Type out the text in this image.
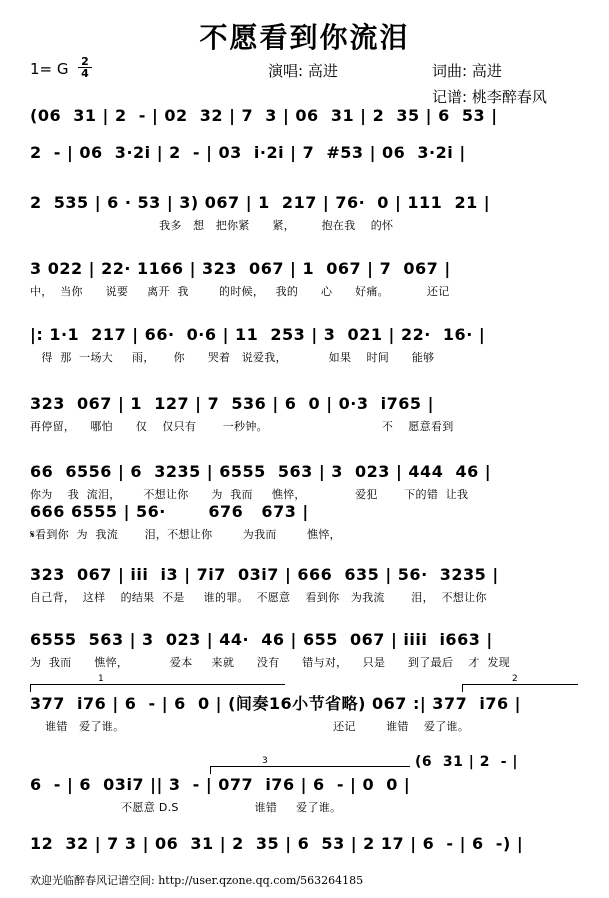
不愿看到你流泪
1= G $\frac{2}{4}$	演唱: 高进	词曲: 高进
记谱: 桃李醉春风
(06  31 | 2  - | 02  32 | 7  3 | 06  31 | 2  35 | 6  53 |
2  - | 06  3·2i | 2  - | 03  i·2i | 7  #53 | 06  3·2i |
2  535 | 6 · 53 | 3) 067 | 1  217 | 76·  0 | 111  21 |
我多   想   把你紧      紧，       抱在我    的怀
3 022 | 22· 1166 | 323  067 | 1  067 | 7  067 |
中，  当你      说要     离开  我        的时候，   我的      心      好痛。          还记
|: 1·1  217 | 66·  0·6 | 11  253 | 3  021 | 22·  16· |
得  那  一场大     雨，     你      哭着   说爱我，           如果    时间      能够
323  067 | 1  127 | 7  536 | 6  0 | 0·3  i765 |
再停留，    哪怕      仅    仅只有       一秒钟。                              不    愿意看到
66  6556 | 6  3235 | 6555  563 | 3  023 | 444  46 |
你为    我  流泪，      不想让你      为  我而     憔悴，             爱犯       下的错  让我
666 6555 | 56·       676   673 |
𝄋看到你  为  我流       泪，不想让你        为我而        憔悴，
323  067 | iii  i3 | 7i7  03i7 | 666  635 | 56·  3235 |
自己背，  这样    的结果  不是     谁的罪。  不愿意    看到你   为我流       泪，  不想让你
6555  563 | 3  023 | 44·  46 | 655  067 | iiii  i663 |
为  我而      憔悴，           爱本     来就      没有      错与对，    只是      到了最后    才  发现
377  i76 | 6  - | 6  0 | (间奏16小节省略) 067 :| 377  i76 |
谁错   爱了谁。                                                       还记        谁错    爱了谁。
6  - | 6  03i7 || 3  - | 077  i76 | 6  - | 0  0 |
不愿意 D.S                    谁错     爱了谁。
12  32 | 7 3 | 06  31 | 2  35 | 6  53 | 2 17 | 6  - | 6  -) |
1	2
3	(6  31 | 2  - |
欢迎光临醉春风记谱空间: http://user.qzone.qq.com/563264185
